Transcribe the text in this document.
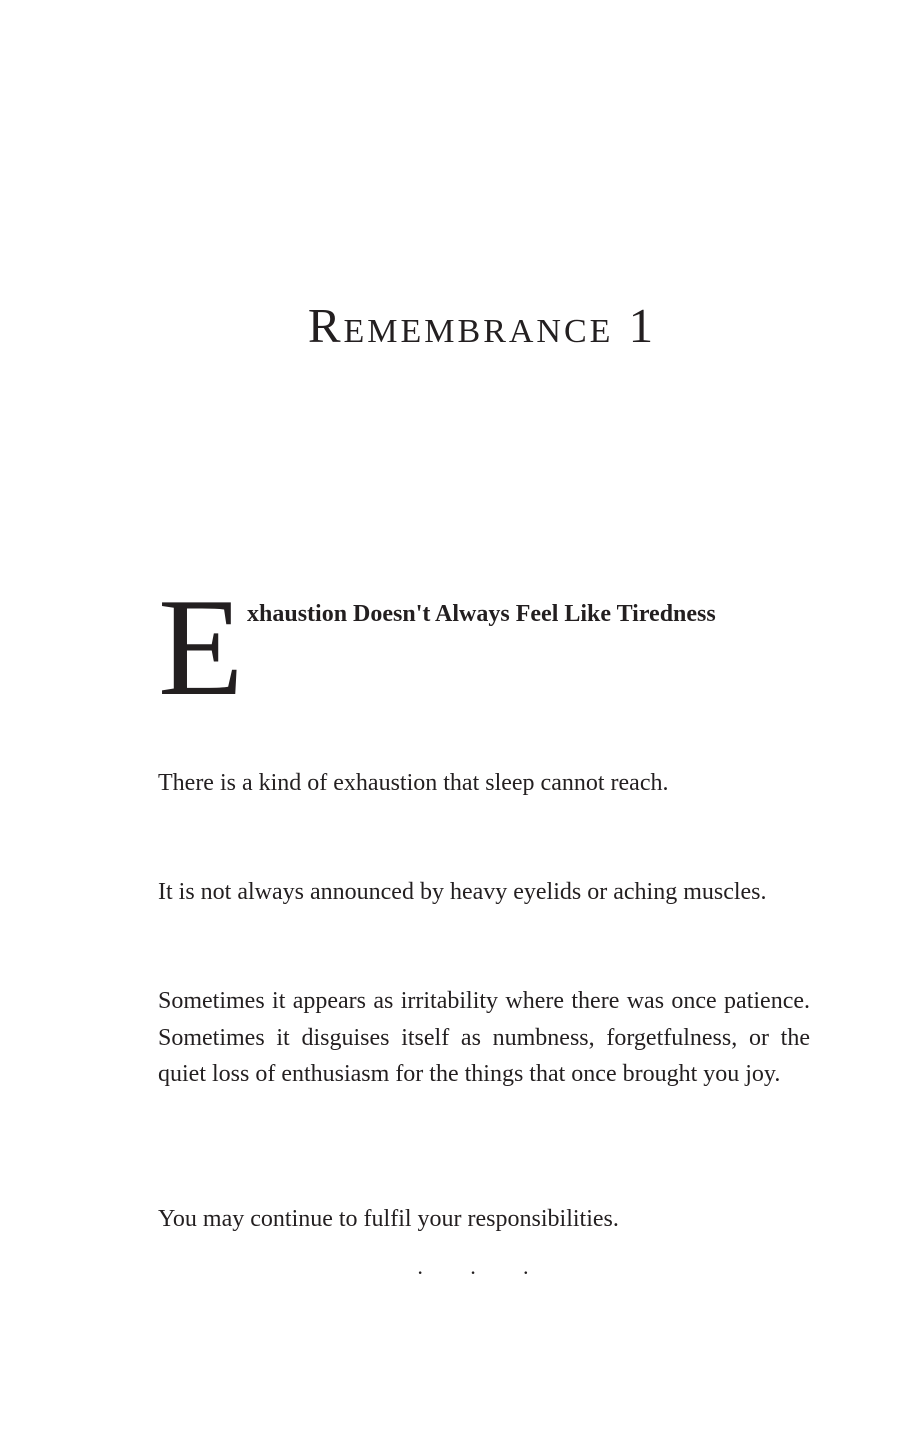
Remembrance 1
E xhaustion Doesn't Always Feel Like Tiredness

There is a kind of exhaustion that sleep cannot reach.

It is not always announced by heavy eyelids or aching muscles.

Sometimes it appears as irritability where there was once patience. Sometimes it disguises itself as numbness, forgetfulness, or the quiet loss of enthusiasm for the things that once brought you joy.

You may continue to fulfil your responsibilities.

· · ·
